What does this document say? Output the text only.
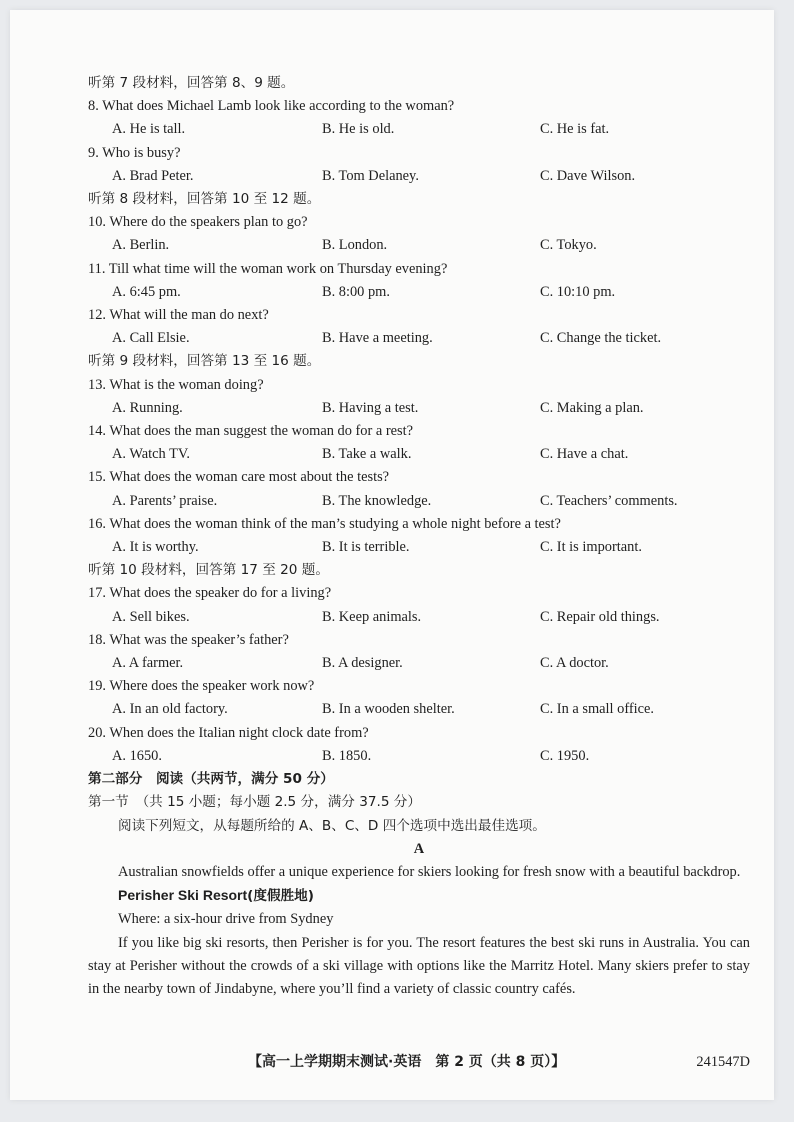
听第 7 段材料，回答第 8、9 题。
8. What does Michael Lamb look like according to the woman?
A. He is tall.	B. He is old.	C. He is fat.
9. Who is busy?
A. Brad Peter.	B. Tom Delaney.	C. Dave Wilson.
听第 8 段材料，回答第 10 至 12 题。
10. Where do the speakers plan to go?
A. Berlin.	B. London.	C. Tokyo.
11. Till what time will the woman work on Thursday evening?
A. 6:45 pm.	B. 8:00 pm.	C. 10:10 pm.
12. What will the man do next?
A. Call Elsie.	B. Have a meeting.	C. Change the ticket.
听第 9 段材料，回答第 13 至 16 题。
13. What is the woman doing?
A. Running.	B. Having a test.	C. Making a plan.
14. What does the man suggest the woman do for a rest?
A. Watch TV.	B. Take a walk.	C. Have a chat.
15. What does the woman care most about the tests?
A. Parents’ praise.	B. The knowledge.	C. Teachers’ comments.
16. What does the woman think of the man’s studying a whole night before a test?
A. It is worthy.	B. It is terrible.	C. It is important.
听第 10 段材料，回答第 17 至 20 题。
17. What does the speaker do for a living?
A. Sell bikes.	B. Keep animals.	C. Repair old things.
18. What was the speaker’s father?
A. A farmer.	B. A designer.	C. A doctor.
19. Where does the speaker work now?
A. In an old factory.	B. In a wooden shelter.	C. In a small office.
20. When does the Italian night clock date from?
A. 1650.	B. 1850.	C. 1950.
第二部分　阅读（共两节，满分 50 分）
第一节　（共 15 小题；每小题 2.5 分，满分 37.5 分）
阅读下列短文，从每题所给的 A、B、C、D 四个选项中选出最佳选项。
A
Australian snowfields offer a unique experience for skiers looking for fresh snow with a beautiful backdrop.
Perisher Ski Resort(度假胜地)
Where: a six-hour drive from Sydney
If you like big ski resorts, then Perisher is for you. The resort features the best ski runs in Australia. You can stay at Perisher without the crowds of a ski village with options like the Marritz Hotel. Many skiers prefer to stay in the nearby town of Jindabyne, where you’ll find a variety of classic country cafés.
【高一上学期期末测试·英语　第 2 页（共 8 页）】	241547D
